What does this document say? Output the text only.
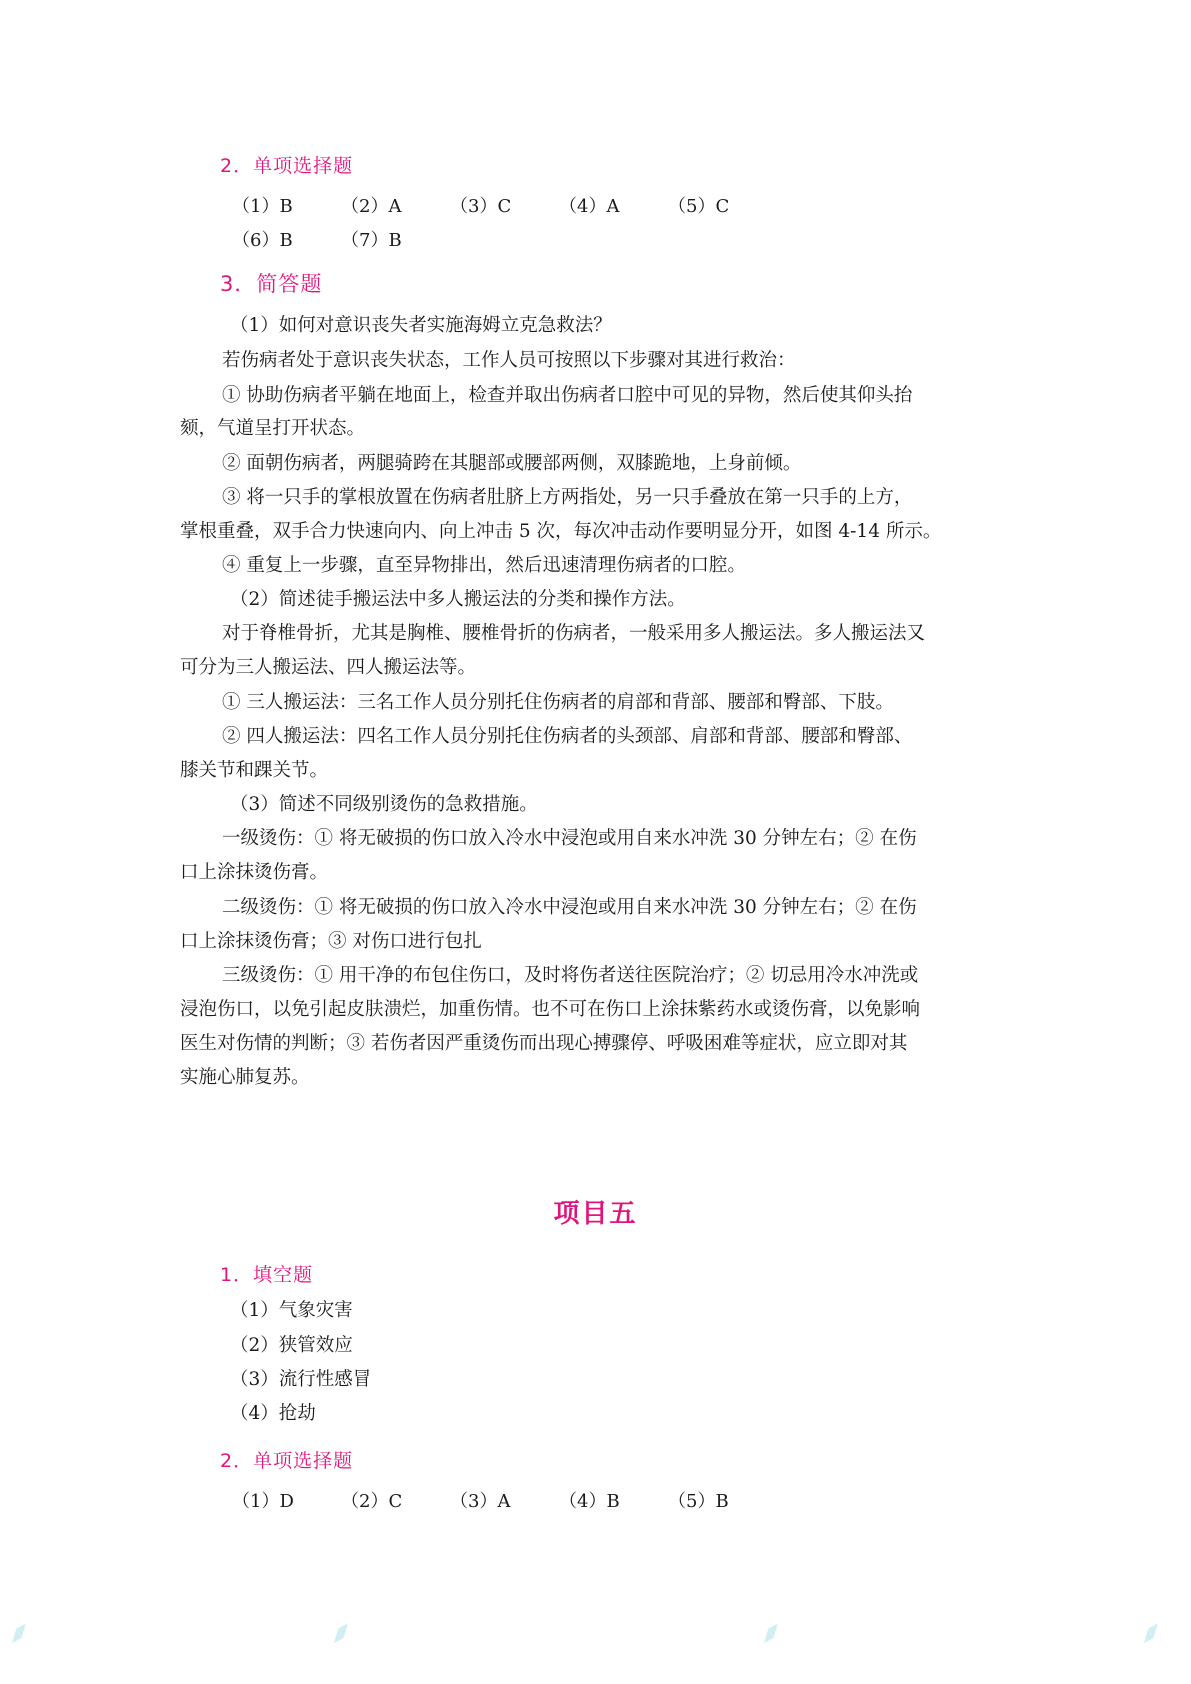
2．单项选择题
（1）B	（2）A	（3）C	（4）A	（5）C
（6）B	（7）B
3．简答题
（1）如何对意识丧失者实施海姆立克急救法？
若伤病者处于意识丧失状态，工作人员可按照以下步骤对其进行救治：
① 协助伤病者平躺在地面上，检查并取出伤病者口腔中可见的异物，然后使其仰头抬
颏，气道呈打开状态。
② 面朝伤病者，两腿骑跨在其腿部或腰部两侧，双膝跪地，上身前倾。
③ 将一只手的掌根放置在伤病者肚脐上方两指处，另一只手叠放在第一只手的上方，
掌根重叠，双手合力快速向内、向上冲击 5 次，每次冲击动作要明显分开，如图 4-14 所示。
④ 重复上一步骤，直至异物排出，然后迅速清理伤病者的口腔。
（2）简述徒手搬运法中多人搬运法的分类和操作方法。
对于脊椎骨折，尤其是胸椎、腰椎骨折的伤病者，一般采用多人搬运法。多人搬运法又
可分为三人搬运法、四人搬运法等。
① 三人搬运法：三名工作人员分别托住伤病者的肩部和背部、腰部和臀部、下肢。
② 四人搬运法：四名工作人员分别托住伤病者的头颈部、肩部和背部、腰部和臀部、
膝关节和踝关节。
（3）简述不同级别烫伤的急救措施。
一级烫伤：① 将无破损的伤口放入冷水中浸泡或用自来水冲洗 30 分钟左右；② 在伤
口上涂抹烫伤膏。
二级烫伤：① 将无破损的伤口放入冷水中浸泡或用自来水冲洗 30 分钟左右；② 在伤
口上涂抹烫伤膏；③ 对伤口进行包扎
三级烫伤：① 用干净的布包住伤口，及时将伤者送往医院治疗；② 切忌用冷水冲洗或
浸泡伤口，以免引起皮肤溃烂，加重伤情。也不可在伤口上涂抹紫药水或烫伤膏，以免影响
医生对伤情的判断；③ 若伤者因严重烫伤而出现心搏骤停、呼吸困难等症状，应立即对其
实施心肺复苏。
项目五
1．填空题
（1）气象灾害
（2）狭管效应
（3）流行性感冒
（4）抢劫
2．单项选择题
（1）D	（2）C	（3）A	（4）B	（5）B
◢◤	◢◤	◢◤	◢◤
